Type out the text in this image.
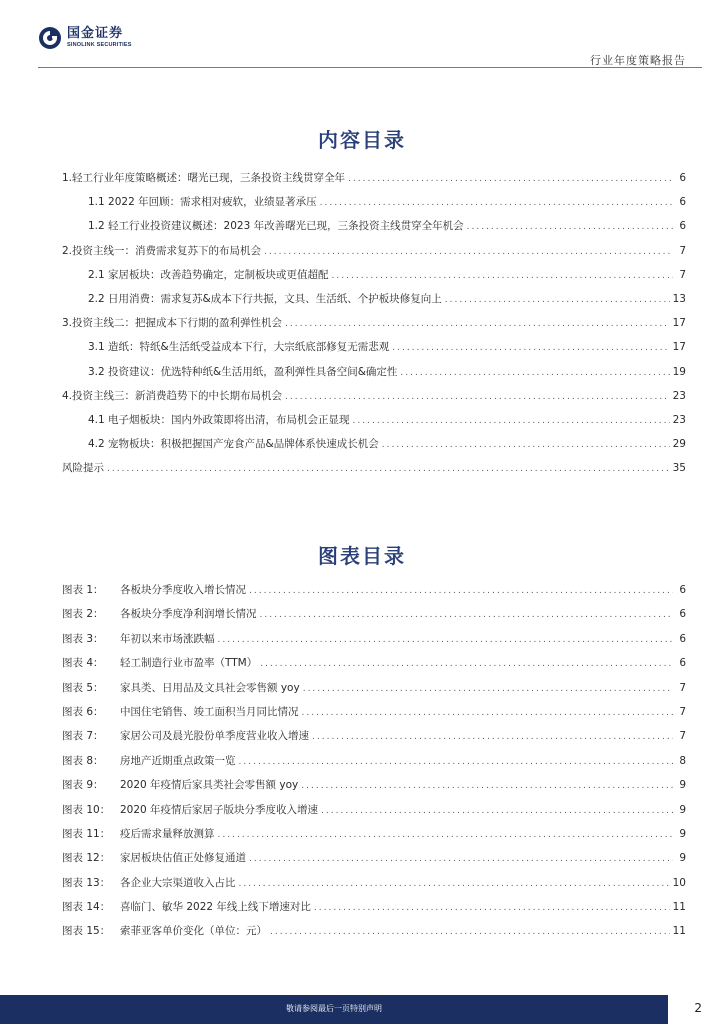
国金证券
SINOLINK SECURITIES
行业年度策略报告
内容目录
1.轻工行业年度策略概述：曙光已现，三条投资主线贯穿全年 .....	6
1.1 2022 年回顾：需求相对疲软，业绩显著承压 .....	6
1.2 轻工行业投资建议概述：2023 年改善曙光已现，三条投资主线贯穿全年机会 .....	6
2.投资主线一：消费需求复苏下的布局机会 .....	7
2.1 家居板块：改善趋势确定，定制板块或更值超配 .....	7
2.2 日用消费：需求复苏&成本下行共振，文具、生活纸、个护板块修复向上 .....	13
3.投资主线二：把握成本下行期的盈利弹性机会 .....	17
3.1 造纸：特纸&生活纸受益成本下行，大宗纸底部修复无需悲观 .....	17
3.2 投资建议：优选特种纸&生活用纸，盈利弹性具备空间&确定性 .....	19
4.投资主线三：新消费趋势下的中长期布局机会 .....	23
4.1 电子烟板块：国内外政策即将出清，布局机会正显现 .....	23
4.2 宠物板块：积极把握国产宠食产品&品牌体系快速成长机会 .....	29
风险提示 .....	35
图表目录
图表 1：	各板块分季度收入增长情况 .....	6
图表 2：	各板块分季度净利润增长情况 .....	6
图表 3：	年初以来市场涨跌幅 .....	6
图表 4：	轻工制造行业市盈率（TTM） .....	6
图表 5：	家具类、日用品及文具社会零售额 yoy .....	7
图表 6：	中国住宅销售、竣工面积当月同比情况 .....	7
图表 7：	家居公司及晨光股份单季度营业收入增速 .....	7
图表 8：	房地产近期重点政策一览 .....	8
图表 9：	2020 年疫情后家具类社会零售额 yoy .....	9
图表 10： 2020 年疫情后家居子版块分季度收入增速 .....	9
图表 11： 疫后需求量释放测算 .....	9
图表 12： 家居板块估值正处修复通道 .....	9
图表 13： 各企业大宗渠道收入占比 .....	10
图表 14： 喜临门、敏华 2022 年线上线下增速对比 .....	11
图表 15： 索菲亚客单价变化（单位：元） .....	11
敬请参阅最后一页特别声明	2
